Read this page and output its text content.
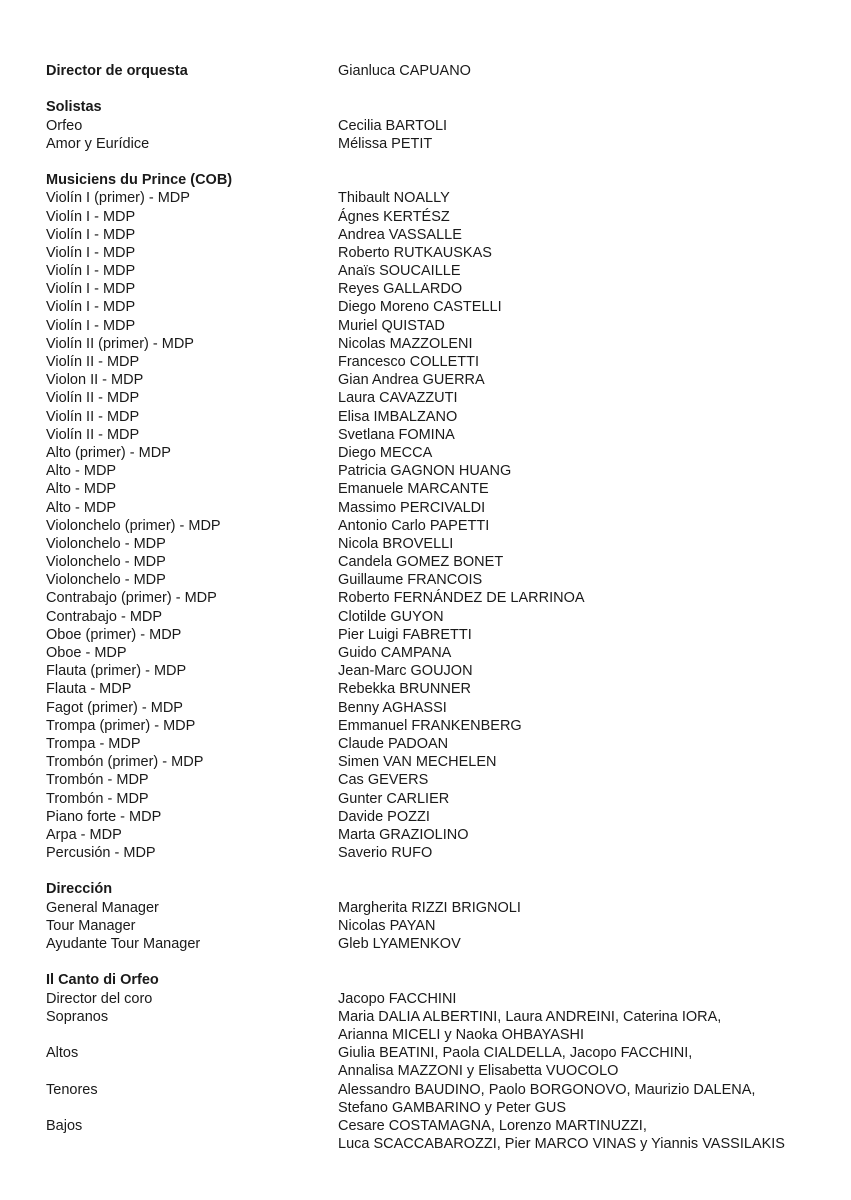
Director de orquesta	Gianluca CAPUANO
Solistas
Orfeo	Cecilia BARTOLI
Amor y Eurídice	Mélissa PETIT
Musiciens du Prince (COB)
Violín I (primer) - MDP	Thibault NOALLY
Violín I - MDP	Ágnes KERTÉSZ
Violín I - MDP	Andrea VASSALLE
Violín I - MDP	Roberto RUTKAUSKAS
Violín I - MDP	Anaïs SOUCAILLE
Violín I - MDP	Reyes GALLARDO
Violín I - MDP	Diego Moreno CASTELLI
Violín I - MDP	Muriel QUISTAD
Violín II (primer) - MDP	Nicolas MAZZOLENI
Violín II - MDP	Francesco COLLETTI
Violon II - MDP	Gian Andrea GUERRA
Violín II - MDP	Laura CAVAZZUTI
Violín II - MDP	Elisa IMBALZANO
Violín II - MDP	Svetlana FOMINA
Alto (primer) - MDP	Diego MECCA
Alto - MDP	Patricia GAGNON HUANG
Alto - MDP	Emanuele MARCANTE
Alto - MDP	Massimo PERCIVALDI
Violonchelo (primer) - MDP	Antonio Carlo PAPETTI
Violonchelo - MDP	Nicola BROVELLI
Violonchelo - MDP	Candela GOMEZ BONET
Violonchelo - MDP	Guillaume FRANCOIS
Contrabajo (primer) - MDP	Roberto FERNÁNDEZ DE LARRINOA
Contrabajo - MDP	Clotilde GUYON
Oboe (primer) - MDP	Pier Luigi FABRETTI
Oboe - MDP	Guido CAMPANA
Flauta (primer) - MDP	Jean-Marc GOUJON
Flauta - MDP	Rebekka BRUNNER
Fagot (primer) - MDP	Benny AGHASSI
Trompa (primer) - MDP	Emmanuel FRANKENBERG
Trompa - MDP	Claude PADOAN
Trombón (primer) - MDP	Simen VAN MECHELEN
Trombón - MDP	Cas GEVERS
Trombón - MDP	Gunter CARLIER
Piano forte - MDP	Davide POZZI
Arpa - MDP	Marta GRAZIOLINO
Percusión - MDP	Saverio RUFO
Dirección
General Manager	Margherita RIZZI BRIGNOLI
Tour Manager	Nicolas PAYAN
Ayudante Tour Manager	Gleb LYAMENKOV
Il Canto di Orfeo
Director del coro	Jacopo FACCHINI
Sopranos	Maria DALIA ALBERTINI, Laura ANDREINI, Caterina IORA,
Arianna MICELI y Naoka OHBAYASHI
Altos	Giulia BEATINI, Paola CIALDELLA, Jacopo FACCHINI,
Annalisa MAZZONI y Elisabetta VUOCOLO
Tenores	Alessandro BAUDINO, Paolo BORGONOVO, Maurizio DALENA,
Stefano GAMBARINO y Peter GUS
Bajos	Cesare COSTAMAGNA, Lorenzo MARTINUZZI,
Luca SCACCABAROZZI, Pier MARCO VINAS y Yiannis VASSILAKIS
